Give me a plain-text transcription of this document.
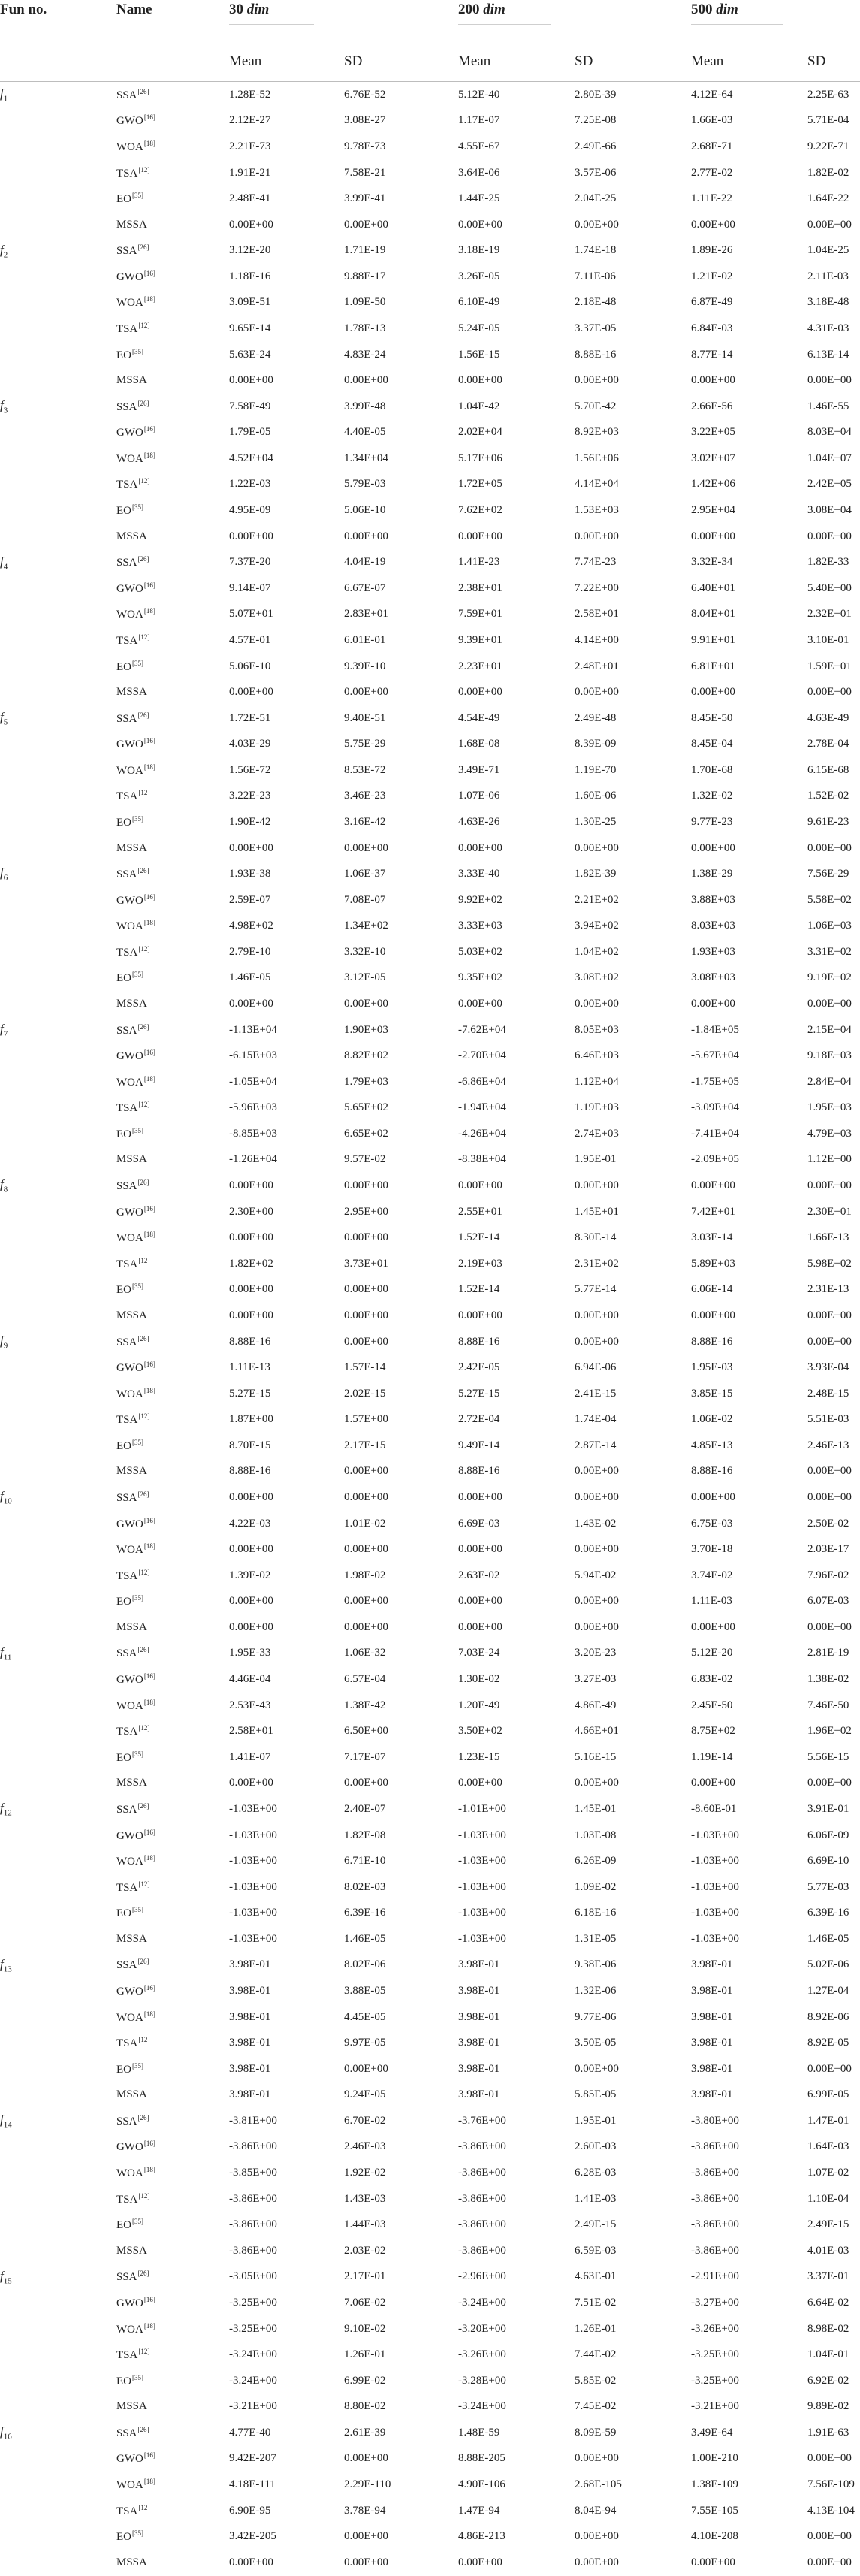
Fun no.	Name	30 dim		200 dim		500 dim	
		Mean	SD	Mean	SD	Mean	SD
$f_1$	SSA[26]	1.28E-52	6.76E-52	5.12E-40	2.80E-39	4.12E-64	2.25E-63
	GWO[16]	2.12E-27	3.08E-27	1.17E-07	7.25E-08	1.66E-03	5.71E-04
	WOA[18]	2.21E-73	9.78E-73	4.55E-67	2.49E-66	2.68E-71	9.22E-71
	TSA[12]	1.91E-21	7.58E-21	3.64E-06	3.57E-06	2.77E-02	1.82E-02
	EO[35]	2.48E-41	3.99E-41	1.44E-25	2.04E-25	1.11E-22	1.64E-22
	MSSA	0.00E+00	0.00E+00	0.00E+00	0.00E+00	0.00E+00	0.00E+00
$f_2$	SSA[26]	3.12E-20	1.71E-19	3.18E-19	1.74E-18	1.89E-26	1.04E-25
	GWO[16]	1.18E-16	9.88E-17	3.26E-05	7.11E-06	1.21E-02	2.11E-03
	WOA[18]	3.09E-51	1.09E-50	6.10E-49	2.18E-48	6.87E-49	3.18E-48
	TSA[12]	9.65E-14	1.78E-13	5.24E-05	3.37E-05	6.84E-03	4.31E-03
	EO[35]	5.63E-24	4.83E-24	1.56E-15	8.88E-16	8.77E-14	6.13E-14
	MSSA	0.00E+00	0.00E+00	0.00E+00	0.00E+00	0.00E+00	0.00E+00
$f_3$	SSA[26]	7.58E-49	3.99E-48	1.04E-42	5.70E-42	2.66E-56	1.46E-55
	GWO[16]	1.79E-05	4.40E-05	2.02E+04	8.92E+03	3.22E+05	8.03E+04
	WOA[18]	4.52E+04	1.34E+04	5.17E+06	1.56E+06	3.02E+07	1.04E+07
	TSA[12]	1.22E-03	5.79E-03	1.72E+05	4.14E+04	1.42E+06	2.42E+05
	EO[35]	4.95E-09	5.06E-10	7.62E+02	1.53E+03	2.95E+04	3.08E+04
	MSSA	0.00E+00	0.00E+00	0.00E+00	0.00E+00	0.00E+00	0.00E+00
$f_4$	SSA[26]	7.37E-20	4.04E-19	1.41E-23	7.74E-23	3.32E-34	1.82E-33
	GWO[16]	9.14E-07	6.67E-07	2.38E+01	7.22E+00	6.40E+01	5.40E+00
	WOA[18]	5.07E+01	2.83E+01	7.59E+01	2.58E+01	8.04E+01	2.32E+01
	TSA[12]	4.57E-01	6.01E-01	9.39E+01	4.14E+00	9.91E+01	3.10E-01
	EO[35]	5.06E-10	9.39E-10	2.23E+01	2.48E+01	6.81E+01	1.59E+01
	MSSA	0.00E+00	0.00E+00	0.00E+00	0.00E+00	0.00E+00	0.00E+00
$f_5$	SSA[26]	1.72E-51	9.40E-51	4.54E-49	2.49E-48	8.45E-50	4.63E-49
	GWO[16]	4.03E-29	5.75E-29	1.68E-08	8.39E-09	8.45E-04	2.78E-04
	WOA[18]	1.56E-72	8.53E-72	3.49E-71	1.19E-70	1.70E-68	6.15E-68
	TSA[12]	3.22E-23	3.46E-23	1.07E-06	1.60E-06	1.32E-02	1.52E-02
	EO[35]	1.90E-42	3.16E-42	4.63E-26	1.30E-25	9.77E-23	9.61E-23
	MSSA	0.00E+00	0.00E+00	0.00E+00	0.00E+00	0.00E+00	0.00E+00
$f_6$	SSA[26]	1.93E-38	1.06E-37	3.33E-40	1.82E-39	1.38E-29	7.56E-29
	GWO[16]	2.59E-07	7.08E-07	9.92E+02	2.21E+02	3.88E+03	5.58E+02
	WOA[18]	4.98E+02	1.34E+02	3.33E+03	3.94E+02	8.03E+03	1.06E+03
	TSA[12]	2.79E-10	3.32E-10	5.03E+02	1.04E+02	1.93E+03	3.31E+02
	EO[35]	1.46E-05	3.12E-05	9.35E+02	3.08E+02	3.08E+03	9.19E+02
	MSSA	0.00E+00	0.00E+00	0.00E+00	0.00E+00	0.00E+00	0.00E+00
$f_7$	SSA[26]	-1.13E+04	1.90E+03	-7.62E+04	8.05E+03	-1.84E+05	2.15E+04
	GWO[16]	-6.15E+03	8.82E+02	-2.70E+04	6.46E+03	-5.67E+04	9.18E+03
	WOA[18]	-1.05E+04	1.79E+03	-6.86E+04	1.12E+04	-1.75E+05	2.84E+04
	TSA[12]	-5.96E+03	5.65E+02	-1.94E+04	1.19E+03	-3.09E+04	1.95E+03
	EO[35]	-8.85E+03	6.65E+02	-4.26E+04	2.74E+03	-7.41E+04	4.79E+03
	MSSA	-1.26E+04	9.57E-02	-8.38E+04	1.95E-01	-2.09E+05	1.12E+00
$f_8$	SSA[26]	0.00E+00	0.00E+00	0.00E+00	0.00E+00	0.00E+00	0.00E+00
	GWO[16]	2.30E+00	2.95E+00	2.55E+01	1.45E+01	7.42E+01	2.30E+01
	WOA[18]	0.00E+00	0.00E+00	1.52E-14	8.30E-14	3.03E-14	1.66E-13
	TSA[12]	1.82E+02	3.73E+01	2.19E+03	2.31E+02	5.89E+03	5.98E+02
	EO[35]	0.00E+00	0.00E+00	1.52E-14	5.77E-14	6.06E-14	2.31E-13
	MSSA	0.00E+00	0.00E+00	0.00E+00	0.00E+00	0.00E+00	0.00E+00
$f_9$	SSA[26]	8.88E-16	0.00E+00	8.88E-16	0.00E+00	8.88E-16	0.00E+00
	GWO[16]	1.11E-13	1.57E-14	2.42E-05	6.94E-06	1.95E-03	3.93E-04
	WOA[18]	5.27E-15	2.02E-15	5.27E-15	2.41E-15	3.85E-15	2.48E-15
	TSA[12]	1.87E+00	1.57E+00	2.72E-04	1.74E-04	1.06E-02	5.51E-03
	EO[35]	8.70E-15	2.17E-15	9.49E-14	2.87E-14	4.85E-13	2.46E-13
	MSSA	8.88E-16	0.00E+00	8.88E-16	0.00E+00	8.88E-16	0.00E+00
$f_{10}$	SSA[26]	0.00E+00	0.00E+00	0.00E+00	0.00E+00	0.00E+00	0.00E+00
	GWO[16]	4.22E-03	1.01E-02	6.69E-03	1.43E-02	6.75E-03	2.50E-02
	WOA[18]	0.00E+00	0.00E+00	0.00E+00	0.00E+00	3.70E-18	2.03E-17
	TSA[12]	1.39E-02	1.98E-02	2.63E-02	5.94E-02	3.74E-02	7.96E-02
	EO[35]	0.00E+00	0.00E+00	0.00E+00	0.00E+00	1.11E-03	6.07E-03
	MSSA	0.00E+00	0.00E+00	0.00E+00	0.00E+00	0.00E+00	0.00E+00
$f_{11}$	SSA[26]	1.95E-33	1.06E-32	7.03E-24	3.20E-23	5.12E-20	2.81E-19
	GWO[16]	4.46E-04	6.57E-04	1.30E-02	3.27E-03	6.83E-02	1.38E-02
	WOA[18]	2.53E-43	1.38E-42	1.20E-49	4.86E-49	2.45E-50	7.46E-50
	TSA[12]	2.58E+01	6.50E+00	3.50E+02	4.66E+01	8.75E+02	1.96E+02
	EO[35]	1.41E-07	7.17E-07	1.23E-15	5.16E-15	1.19E-14	5.56E-15
	MSSA	0.00E+00	0.00E+00	0.00E+00	0.00E+00	0.00E+00	0.00E+00
$f_{12}$	SSA[26]	-1.03E+00	2.40E-07	-1.01E+00	1.45E-01	-8.60E-01	3.91E-01
	GWO[16]	-1.03E+00	1.82E-08	-1.03E+00	1.03E-08	-1.03E+00	6.06E-09
	WOA[18]	-1.03E+00	6.71E-10	-1.03E+00	6.26E-09	-1.03E+00	6.69E-10
	TSA[12]	-1.03E+00	8.02E-03	-1.03E+00	1.09E-02	-1.03E+00	5.77E-03
	EO[35]	-1.03E+00	6.39E-16	-1.03E+00	6.18E-16	-1.03E+00	6.39E-16
	MSSA	-1.03E+00	1.46E-05	-1.03E+00	1.31E-05	-1.03E+00	1.46E-05
$f_{13}$	SSA[26]	3.98E-01	8.02E-06	3.98E-01	9.38E-06	3.98E-01	5.02E-06
	GWO[16]	3.98E-01	3.88E-05	3.98E-01	1.32E-06	3.98E-01	1.27E-04
	WOA[18]	3.98E-01	4.45E-05	3.98E-01	9.77E-06	3.98E-01	8.92E-06
	TSA[12]	3.98E-01	9.97E-05	3.98E-01	3.50E-05	3.98E-01	8.92E-05
	EO[35]	3.98E-01	0.00E+00	3.98E-01	0.00E+00	3.98E-01	0.00E+00
	MSSA	3.98E-01	9.24E-05	3.98E-01	5.85E-05	3.98E-01	6.99E-05
$f_{14}$	SSA[26]	-3.81E+00	6.70E-02	-3.76E+00	1.95E-01	-3.80E+00	1.47E-01
	GWO[16]	-3.86E+00	2.46E-03	-3.86E+00	2.60E-03	-3.86E+00	1.64E-03
	WOA[18]	-3.85E+00	1.92E-02	-3.86E+00	6.28E-03	-3.86E+00	1.07E-02
	TSA[12]	-3.86E+00	1.43E-03	-3.86E+00	1.41E-03	-3.86E+00	1.10E-04
	EO[35]	-3.86E+00	1.44E-03	-3.86E+00	2.49E-15	-3.86E+00	2.49E-15
	MSSA	-3.86E+00	2.03E-02	-3.86E+00	6.59E-03	-3.86E+00	4.01E-03
$f_{15}$	SSA[26]	-3.05E+00	2.17E-01	-2.96E+00	4.63E-01	-2.91E+00	3.37E-01
	GWO[16]	-3.25E+00	7.06E-02	-3.24E+00	7.51E-02	-3.27E+00	6.64E-02
	WOA[18]	-3.25E+00	9.10E-02	-3.20E+00	1.26E-01	-3.26E+00	8.98E-02
	TSA[12]	-3.24E+00	1.26E-01	-3.26E+00	7.44E-02	-3.25E+00	1.04E-01
	EO[35]	-3.24E+00	6.99E-02	-3.28E+00	5.85E-02	-3.25E+00	6.92E-02
	MSSA	-3.21E+00	8.80E-02	-3.24E+00	7.45E-02	-3.21E+00	9.89E-02
$f_{16}$	SSA[26]	4.77E-40	2.61E-39	1.48E-59	8.09E-59	3.49E-64	1.91E-63
	GWO[16]	9.42E-207	0.00E+00	8.88E-205	0.00E+00	1.00E-210	0.00E+00
	WOA[18]	4.18E-111	2.29E-110	4.90E-106	2.68E-105	1.38E-109	7.56E-109
	TSA[12]	6.90E-95	3.78E-94	1.47E-94	8.04E-94	7.55E-105	4.13E-104
	EO[35]	3.42E-205	0.00E+00	4.86E-213	0.00E+00	4.10E-208	0.00E+00
	MSSA	0.00E+00	0.00E+00	0.00E+00	0.00E+00	0.00E+00	0.00E+00
